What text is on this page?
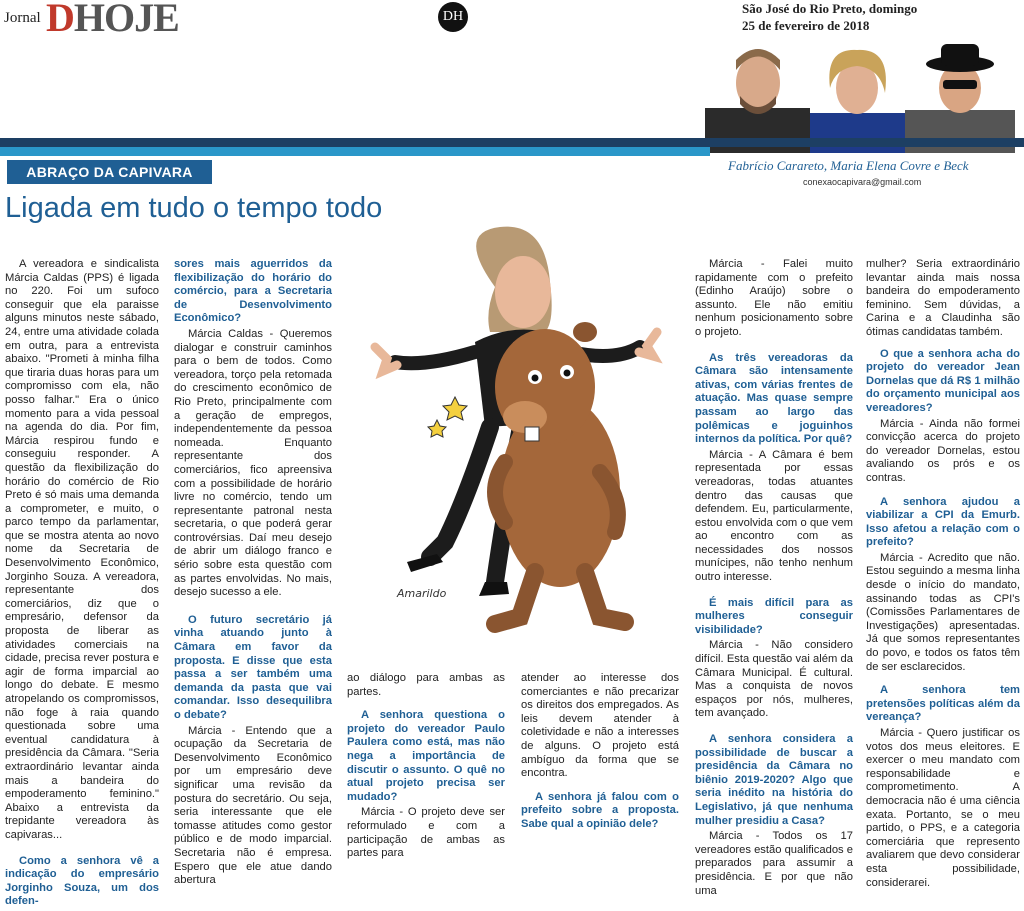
Jornal DHOJE	DH
São José do Rio Preto, domingo
25 de fevereiro de 2018
ABRAÇO DA CAPIVARA	Fabrício Carareto, Maria Elena Covre e Beck
conexaocapivara@gmail.com
Ligada em tudo o tempo todo
Amarildo

A vereadora e sindicalista Márcia Caldas (PPS) é ligada no 220. Foi um sufoco conseguir que ela paraisse alguns minutos neste sábado, 24, entre uma atividade colada em outra, para a entrevista abaixo. "Prometi à minha filha que tiraria duas horas para um compromisso com ela, não posso falhar." Era o único momento para a vida pessoal na agenda do dia. Por fim, Márcia respirou fundo e conseguiu responder. A questão da flexibilização do horário do comércio de Rio Preto é só mais uma demanda a comprometer, e muito, o parco tempo da parlamentar, que se mostra atenta ao novo nome da Secretaria de Desenvolvimento Econômico, Jorginho Souza. A vereadora, representante dos comerciários, diz que o empresário, defensor da proposta de liberar as atividades comerciais na cidade, precisa rever postura e agir de forma imparcial ao longo do debate. E mesmo atropelando os compromissos, não foge à raia quando questionada sobre uma eventual candidatura à presidência da Câmara. "Seria extraordinário levantar ainda mais a bandeira do empoderamento feminino." Abaixo a entrevista da trepidante vereadora às capivaras...

Como a senhora vê a indicação do empresário Jorginho Souza, um dos defen-
sores mais aguerridos da flexibilização do horário do comércio, para a Secretaria de Desenvolvimento Econômico?

Márcia Caldas - Queremos dialogar e construir caminhos para o bem de todos. Como vereadora, torço pela retomada do crescimento econômico de Rio Preto, principalmente com a geração de empregos, independentemente da pessoa nomeada. Enquanto representante dos comerciários, fico apreensiva com a possibilidade de horário livre no comércio, tendo um representante patronal nesta secretaria, o que poderá gerar controvérsias. Daí meu desejo de abrir um diálogo franco e sério sobre esta questão com as partes envolvidas. No mais, desejo sucesso a ele.

O futuro secretário já vinha atuando junto à Câmara em favor da proposta. E disse que esta passa a ser também uma demanda da pasta que vai comandar. Isso desequilibra o debate?

Márcia - Entendo que a ocupação da Secretaria de Desenvolvimento Econômico por um empresário deve significar uma revisão da postura do secretário. Ou seja, seria interessante que ele tomasse atitudes como gestor público e de modo imparcial. Secretaria não é empresa. Espero que ele atue dando abertura

ao diálogo para ambas as partes.

A senhora questiona o projeto do vereador Paulo Paulera como está, mas não nega a importância de discutir o assunto. O quê no atual projeto precisa ser mudado?

Márcia - O projeto deve ser reformulado e com a participação de ambas as partes para

atender ao interesse dos comerciantes e não precarizar os direitos dos empregados. As leis devem atender à coletividade e não a interesses de alguns. O projeto está ambíguo da forma que se encontra.

A senhora já falou com o prefeito sobre a proposta. Sabe qual a opinião dele?

Márcia - Falei muito rapidamente com o prefeito (Edinho Araújo) sobre o assunto. Ele não emitiu nenhum posicionamento sobre o projeto.

As três vereadoras da Câmara são intensamente ativas, com várias frentes de atuação. Mas quase sempre passam ao largo das polêmicas e joguinhos internos da política. Por quê?

Márcia - A Câmara é bem representada por essas vereadoras, todas atuantes dentro das causas que defendem. Eu, particularmente, estou envolvida com o que vem ao encontro com as necessidades dos nossos munícipes, não tenho nenhum outro interesse.

É mais difícil para as mulheres conseguir visibilidade?

Márcia - Não considero difícil. Esta questão vai além da Câmara Municipal. É cultural. Mas a conquista de novos espaços por nós, mulheres, tem avançado.

A senhora considera a possibilidade de buscar a presidência da Câmara no biênio 2019-2020? Algo que seria inédito na história do Legislativo, já que nenhuma mulher presidiu a Casa?

Márcia - Todos os 17 vereadores estão qualificados e preparados para assumir a presidência. E por que não uma

mulher? Seria extraordinário levantar ainda mais nossa bandeira do empoderamento feminino. Sem dúvidas, a Carina e a Claudinha são ótimas candidatas também.

O que a senhora acha do projeto do vereador Jean Dornelas que dá R$ 1 milhão do orçamento municipal aos vereadores?

Márcia - Ainda não formei convicção acerca do projeto do vereador Dornelas, estou avaliando os prós e os contras.

A senhora ajudou a viabilizar a CPI da Emurb. Isso afetou a relação com o prefeito?

Márcia - Acredito que não. Estou seguindo a mesma linha desde o início do mandato, assinando todas as CPI's (Comissões Parlamentares de Investigações) apresentadas. Já que somos representantes do povo, e todos os fatos têm de ser esclarecidos.

A senhora tem pretensões políticas além da vereança?

Márcia - Quero justificar os votos dos meus eleitores. E exercer o meu mandato com responsabilidade e comprometimento. A democracia não é uma ciência exata. Portanto, se o meu partido, o PPS, e a categoria comerciária que represento avaliarem que devo considerar esta possibilidade, considerarei.
